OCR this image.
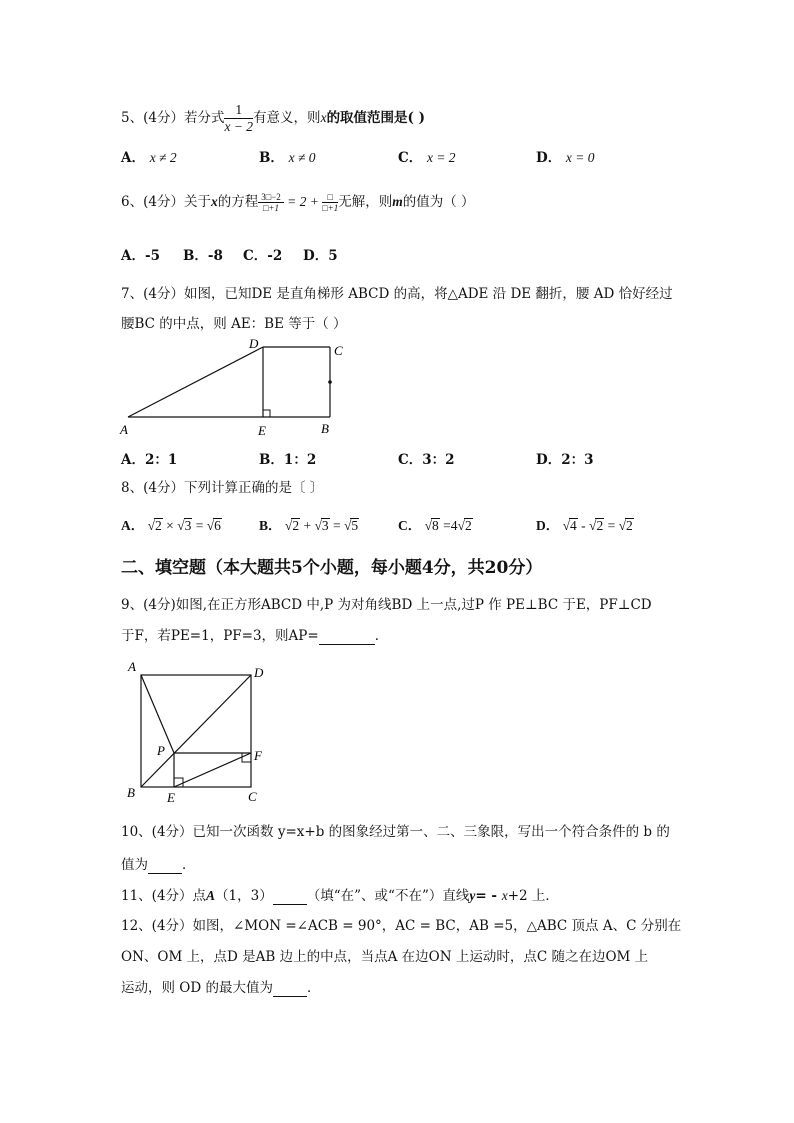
5、(4分）若分式 $\frac{1}{x - 2}$ 有意义，则x的取值范围是( )
A． x ≠ 2	B． x ≠ 0	C． x = 2	D． x = 0
6、(4分）关于x的方程 $\frac{3□-2}{□+1} = 2 + \frac{□}{□+1}$ 无解，则m的值为（ ）
A．-5 B．-8 C．-2 D．5
7、(4分）如图，已知DE 是直角梯形 ABCD 的高，将△ADE 沿 DE 翻折，腰 AD 恰好经过
腰BC 的中点，则 AE：BE 等于（ ）
A	E	B
D	C
A．2：1	B．1：2	C．3：2	D．2：3
8、(4分）下列计算正确的是〔 〕
A． √2 × √3 = √6	B． √2 + √3 = √5	C． √8 =4√2	D． √4 - √2 = √2
二、填空题（本大题共5个小题，每小题4分，共20分）
9、(4分)如图,在正方形ABCD 中,P 为对角线BD 上一点,过P 作 PE⊥BC 于E，PF⊥CD
于F，若PE=1，PF=3，则AP=	．
A	D
B E	C
P	F
10、(4分）已知一次函数 y=x+b 的图象经过第一、二、三象限，写出一个符合条件的 b 的
值为	．
11、(4分）点A（1，3）	（填“在”、或“不在”）直线y= - x+2 上．
12、(4分）如图，∠MON =∠ACB = 90°，AC = BC，AB =5，△ABC 顶点 A、C 分别在
ON、OM 上，点D 是AB 边上的中点，当点A 在边ON 上运动时，点C 随之在边OM 上
运动，则 OD 的最大值为	．
